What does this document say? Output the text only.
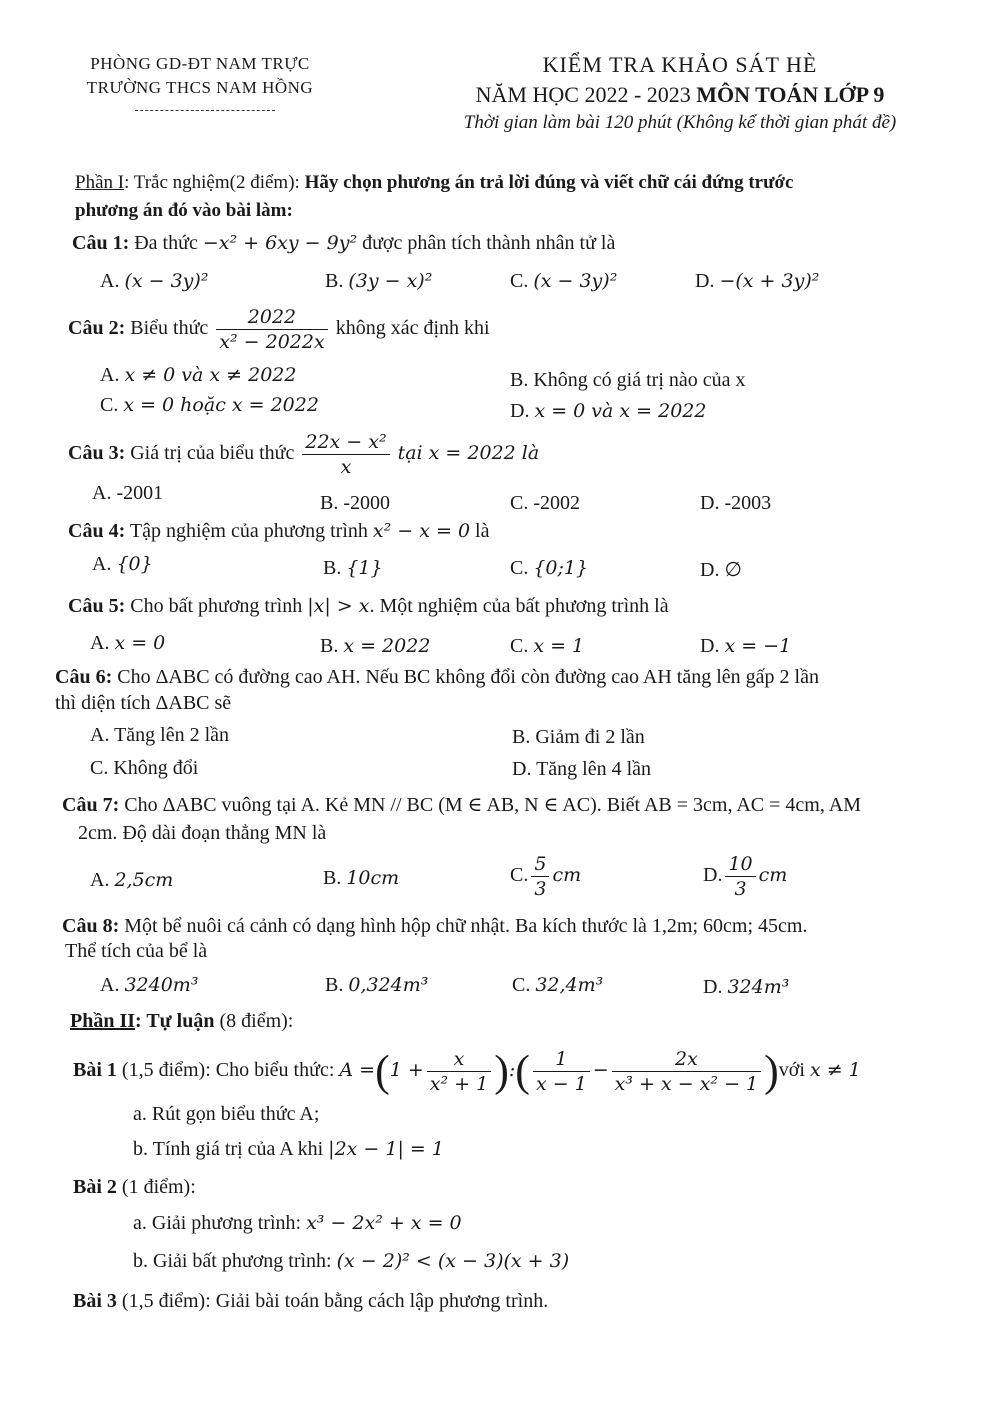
PHÒNG GD-ĐT NAM TRỰC
TRƯỜNG THCS NAM HỒNG
KIỂM TRA KHẢO SÁT HÈ
NĂM HỌC 2022 - 2023 MÔN TOÁN LỚP 9
Thời gian làm bài 120 phút (Không kể thời gian phát đề)
Phần I: Trắc nghiệm(2 điểm): Hãy chọn phương án trả lời đúng và viết chữ cái đứng trước
phương án đó vào bài làm:
Câu 1: Đa thức −x² + 6xy − 9y² được phân tích thành nhân tử là
A. (x − 3y)²	B. (3y − x)²	C. (x − 3y)²	D. −(x + 3y)²
Câu 2: Biểu thức $\frac{2022}{\text{x² − 2022x}}$ không xác định khi
A. x ≠ 0 và x ≠ 2022	B. Không có giá trị nào của x
C. x = 0 hoặc x = 2022	D. x = 0 và x = 2022
Câu 3: Giá trị của biểu thức $\frac{\text{22x − x²}}{x}$ tại x = 2022 là
A. -2001	B. -2000	C. -2002	D. -2003
Câu 4: Tập nghiệm của phương trình x² − x = 0 là
A. {0}	B. {1}	C. {0;1}	D. ∅
Câu 5: Cho bất phương trình |x| > x. Một nghiệm của bất phương trình là
A. x = 0	B. x = 2022	C. x = 1	D. x = −1
Câu 6: Cho ΔABC có đường cao AH. Nếu BC không đổi còn đường cao AH tăng lên gấp 2 lần
thì diện tích ΔABC sẽ
A. Tăng lên 2 lần	B. Giảm đi 2 lần
C. Không đổi	D. Tăng lên 4 lần
Câu 7: Cho ΔABC vuông tại A. Kẻ MN // BC (M ∈ AB, N ∈ AC). Biết AB = 3cm, AC = 4cm, AM
2cm. Độ dài đoạn thẳng MN là
A. 2,5cm	B. 10cm	C. $\frac{5}{3}$ cm	D. $\frac{10}{3}$ cm
Câu 8: Một bể nuôi cá cảnh có dạng hình hộp chữ nhật. Ba kích thước là 1,2m; 60cm; 45cm.
Thể tích của bể là
A. 3240m³	B. 0,324m³	C. 32,4m³	D. 324m³
Phần II: Tự luận (8 điểm):
Bài 1 (1,5 điểm): Cho biểu thức: $A =(1 + \frac{x}{\text{x² + 1}}$ ):( $\frac{1}{x - 1} - \frac{2x}{\text{x³ + x − x² − 1}}$ )với x ≠ 1
a. Rút gọn biểu thức A;
b. Tính giá trị của A khi |2x − 1| = 1
Bài 2 (1 điểm):
a. Giải phương trình: x³ − 2x² + x = 0
b. Giải bất phương trình: (x − 2)² < (x − 3)(x + 3)
Bài 3 (1,5 điểm): Giải bài toán bằng cách lập phương trình.
